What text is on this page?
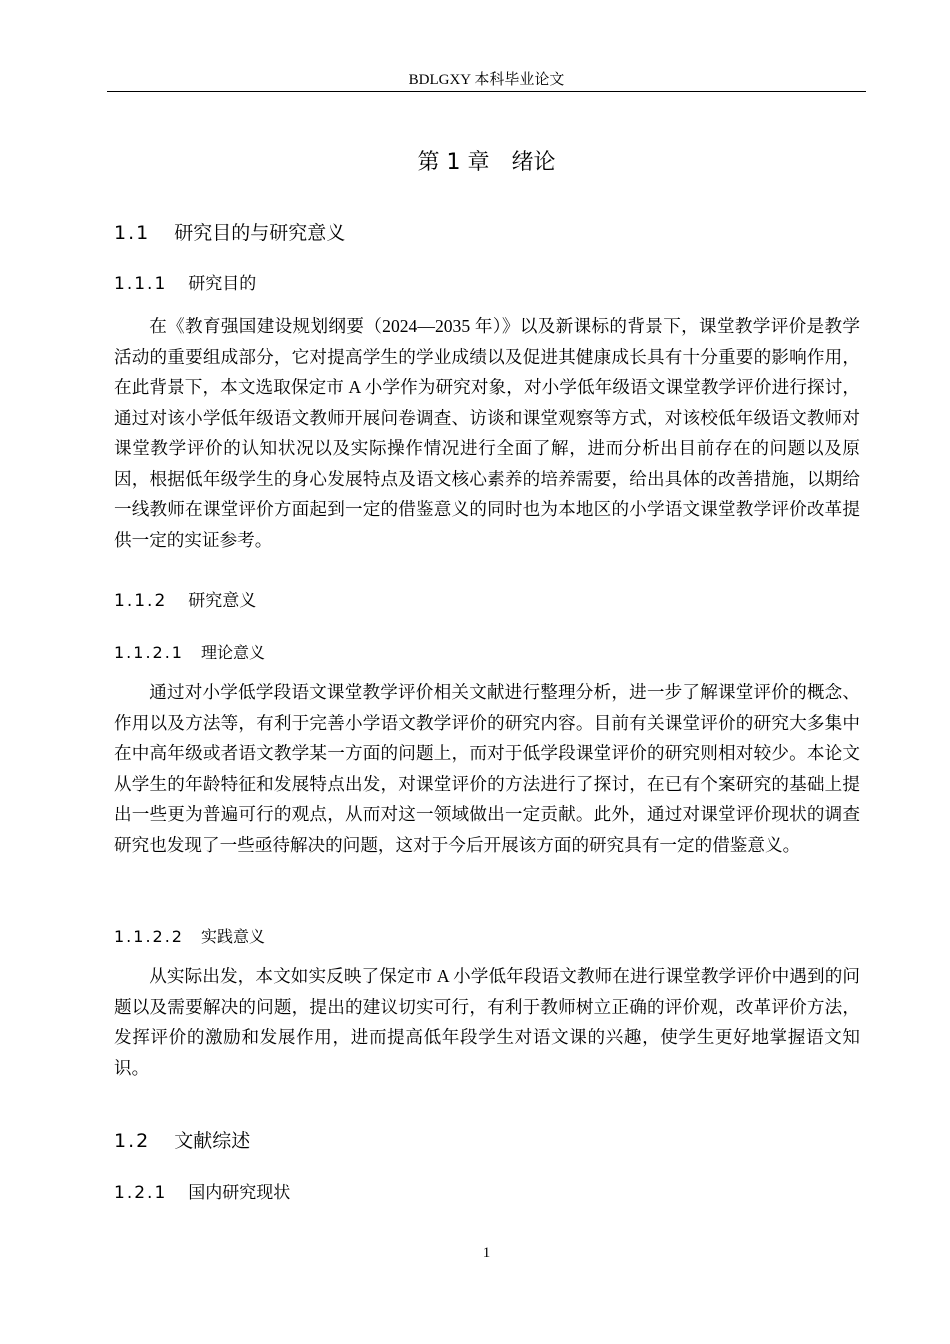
BDLGXY 本科毕业论文
第 1 章　绪论
1.1 研究目的与研究意义
1.1.1 研究目的

在《教育强国建设规划纲要（2024—2035 年）》以及新课标的背景下，课堂教学评价是教学活动的重要组成部分，它对提高学生的学业成绩以及促进其健康成长具有十分重要的影响作用，在此背景下，本文选取保定市 A 小学作为研究对象，对小学低年级语文课堂教学评价进行探讨，通过对该小学低年级语文教师开展问卷调查、访谈和课堂观察等方式，对该校低年级语文教师对课堂教学评价的认知状况以及实际操作情况进行全面了解，进而分析出目前存在的问题以及原因，根据低年级学生的身心发展特点及语文核心素养的培养需要，给出具体的改善措施，以期给一线教师在课堂评价方面起到一定的借鉴意义的同时也为本地区的小学语文课堂教学评价改革提供一定的实证参考。

1.1.2 研究意义
1.1.2.1 理论意义

通过对小学低学段语文课堂教学评价相关文献进行整理分析，进一步了解课堂评价的概念、作用以及方法等，有利于完善小学语文教学评价的研究内容。目前有关课堂评价的研究大多集中在中高年级或者语文教学某一方面的问题上，而对于低学段课堂评价的研究则相对较少。本论文从学生的年龄特征和发展特点出发，对课堂评价的方法进行了探讨，在已有个案研究的基础上提出一些更为普遍可行的观点，从而对这一领域做出一定贡献。此外，通过对课堂评价现状的调查研究也发现了一些亟待解决的问题，这对于今后开展该方面的研究具有一定的借鉴意义。

1.1.2.2 实践意义

从实际出发，本文如实反映了保定市 A 小学低年段语文教师在进行课堂教学评价中遇到的问题以及需要解决的问题，提出的建议切实可行，有利于教师树立正确的评价观，改革评价方法，发挥评价的激励和发展作用，进而提高低年段学生对语文课的兴趣，使学生更好地掌握语文知识。

1.2 文献综述
1.2.1 国内研究现状
1
